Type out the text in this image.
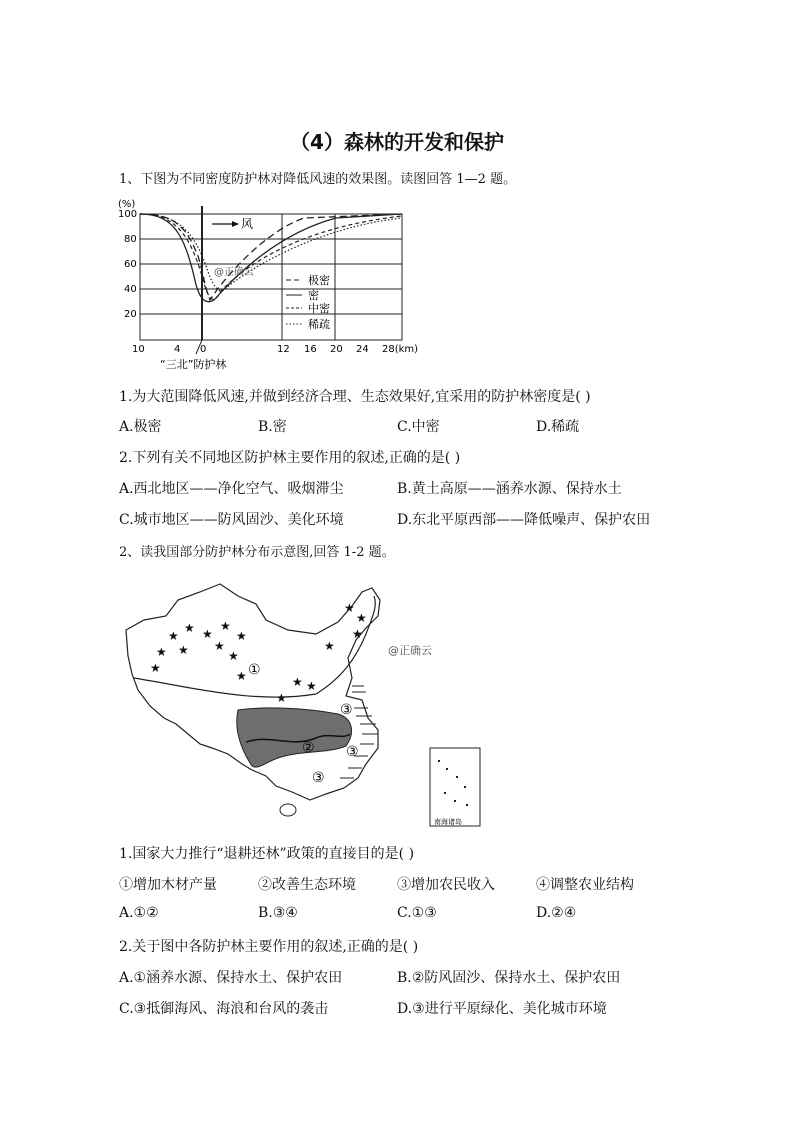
（4）森林的开发和保护
1、下图为不同密度防护林对降低风速的效果图。读图回答 1—2 题。
(%)
100
80
60
40
20
10	4 0	12 16 20 24 28(km)
风
@正确云
极密
密
中密
稀疏
“三北”防护林
1.为大范围降低风速,并做到经济合理、生态效果好,宜采用的防护林密度是( )
A.极密	B.密	C.中密	D.稀疏
2.下列有关不同地区防护林主要作用的叙述,正确的是( )
A.西北地区——净化空气、吸烟滞尘	B.黄土高原——涵养水源、保持水土
C.城市地区——防风固沙、美化环境	D.东北平原西部——降低噪声、保护农田
2、读我国部分防护林分布示意图,回答 1-2 题。
★
★ ★
★
★
★ ★ ★
★
★
★
★
★ ★
★
★
★
★
①
②
③
③
③
@正确云
南海诸岛
1.国家大力推行“退耕还林”政策的直接目的是( )
①增加木材产量	②改善生态环境	③增加农民收入	④调整农业结构
A.①②	B.③④	C.①③	D.②④
2.关于图中各防护林主要作用的叙述,正确的是( )
A.①涵养水源、保持水土、保护农田	B.②防风固沙、保持水土、保护农田
C.③抵御海风、海浪和台风的袭击	D.③进行平原绿化、美化城市环境
